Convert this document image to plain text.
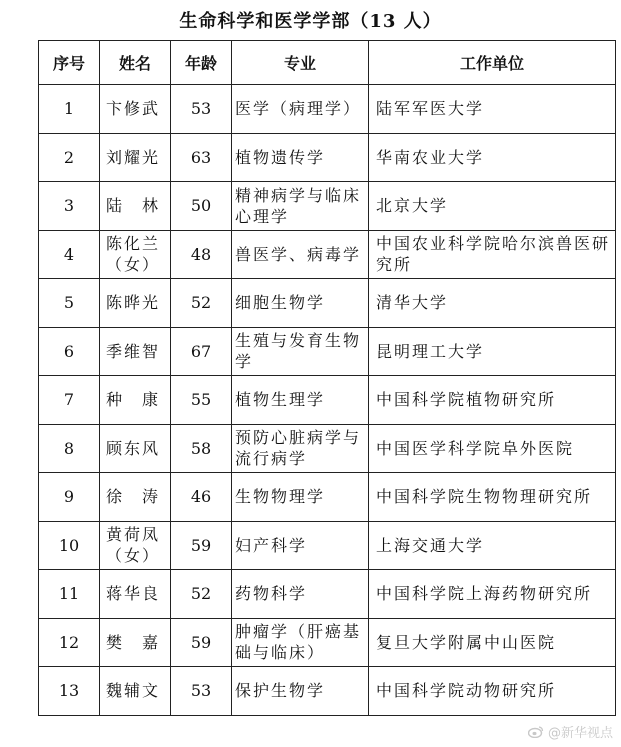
生命科学和医学学部（13 人）
序号	姓名	年龄	专业	工作单位
1	卞修武	53	医学（病理学）	陆军军医大学
2	刘耀光	63	植物遗传学	华南农业大学
3	陆　林	50	精神病学与临床心理学	北京大学
4	陈化兰（女）	48	兽医学、病毒学	中国农业科学院哈尔滨兽医研究所
5	陈晔光	52	细胞生物学	清华大学
6	季维智	67	生殖与发育生物学	昆明理工大学
7	种　康	55	植物生理学	中国科学院植物研究所
8	顾东风	58	预防心脏病学与流行病学	中国医学科学院阜外医院
9	徐　涛	46	生物物理学	中国科学院生物物理研究所
10	黄荷凤（女）	59	妇产科学	上海交通大学
11	蒋华良	52	药物科学	中国科学院上海药物研究所
12	樊　嘉	59	肿瘤学（肝癌基础与临床）	复旦大学附属中山医院
13	魏辅文	53	保护生物学	中国科学院动物研究所
@新华视点
